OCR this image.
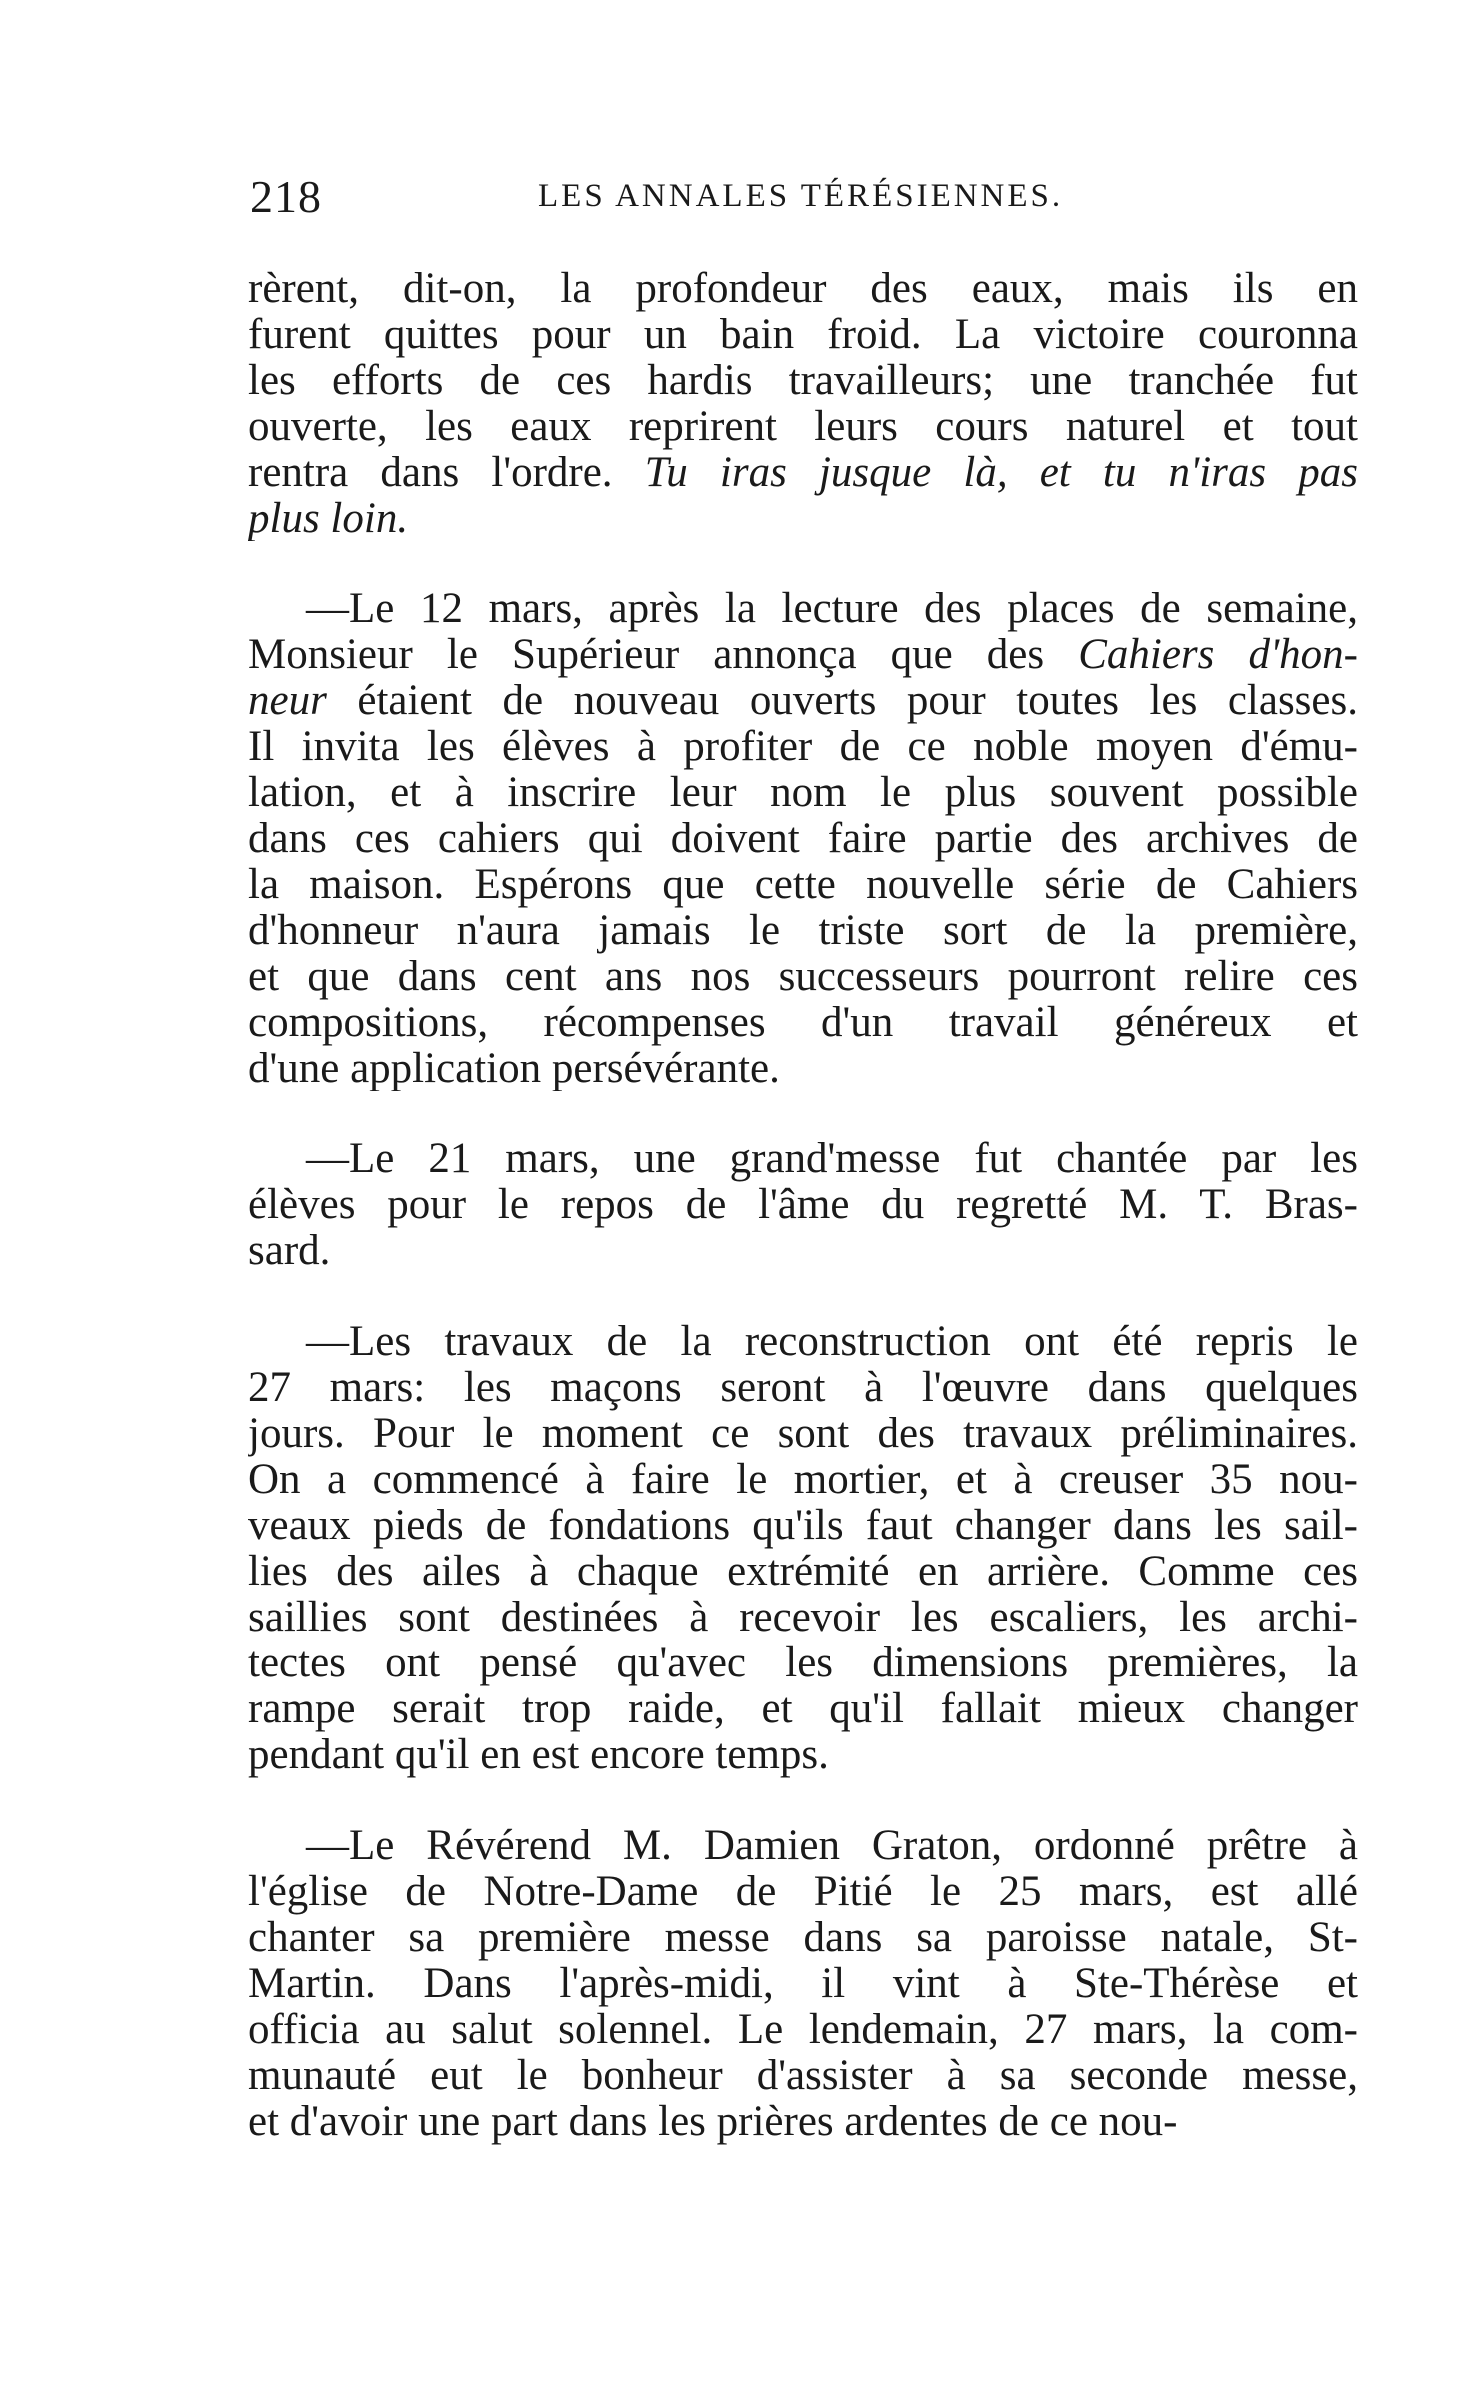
218	LES ANNALES TÉRÉSIENNES.
rèrent, dit-on, la profondeur des eaux, mais ils en
furent quittes pour un bain froid. La victoire couronna
les efforts de ces hardis travailleurs; une tranchée fut
ouverte, les eaux reprirent leurs cours naturel et tout
rentra dans l'ordre. Tu iras jusque là, et tu n'iras pas
plus loin.
—Le 12 mars, après la lecture des places de semaine,
Monsieur le Supérieur annonça que des Cahiers d'hon-
neur étaient de nouveau ouverts pour toutes les classes.
Il invita les élèves à profiter de ce noble moyen d'ému-
lation, et à inscrire leur nom le plus souvent possible
dans ces cahiers qui doivent faire partie des archives de
la maison. Espérons que cette nouvelle série de Cahiers
d'honneur n'aura jamais le triste sort de la première,
et que dans cent ans nos successeurs pourront relire ces
compositions, récompenses d'un travail généreux et
d'une application persévérante.
—Le 21 mars, une grand'messe fut chantée par les
élèves pour le repos de l'âme du regretté M. T. Bras-
sard.
—Les travaux de la reconstruction ont été repris le
27 mars: les maçons seront à l'œuvre dans quelques
jours. Pour le moment ce sont des travaux préliminaires.
On a commencé à faire le mortier, et à creuser 35 nou-
veaux pieds de fondations qu'ils faut changer dans les sail-
lies des ailes à chaque extrémité en arrière. Comme ces
saillies sont destinées à recevoir les escaliers, les archi-
tectes ont pensé qu'avec les dimensions premières, la
rampe serait trop raide, et qu'il fallait mieux changer
pendant qu'il en est encore temps.
—Le Révérend M. Damien Graton, ordonné prêtre à
l'église de Notre-Dame de Pitié le 25 mars, est allé
chanter sa première messe dans sa paroisse natale, St-
Martin. Dans l'après-midi, il vint à Ste-Thérèse et
officia au salut solennel. Le lendemain, 27 mars, la com-
munauté eut le bonheur d'assister à sa seconde messe,
et d'avoir une part dans les prières ardentes de ce nou-
